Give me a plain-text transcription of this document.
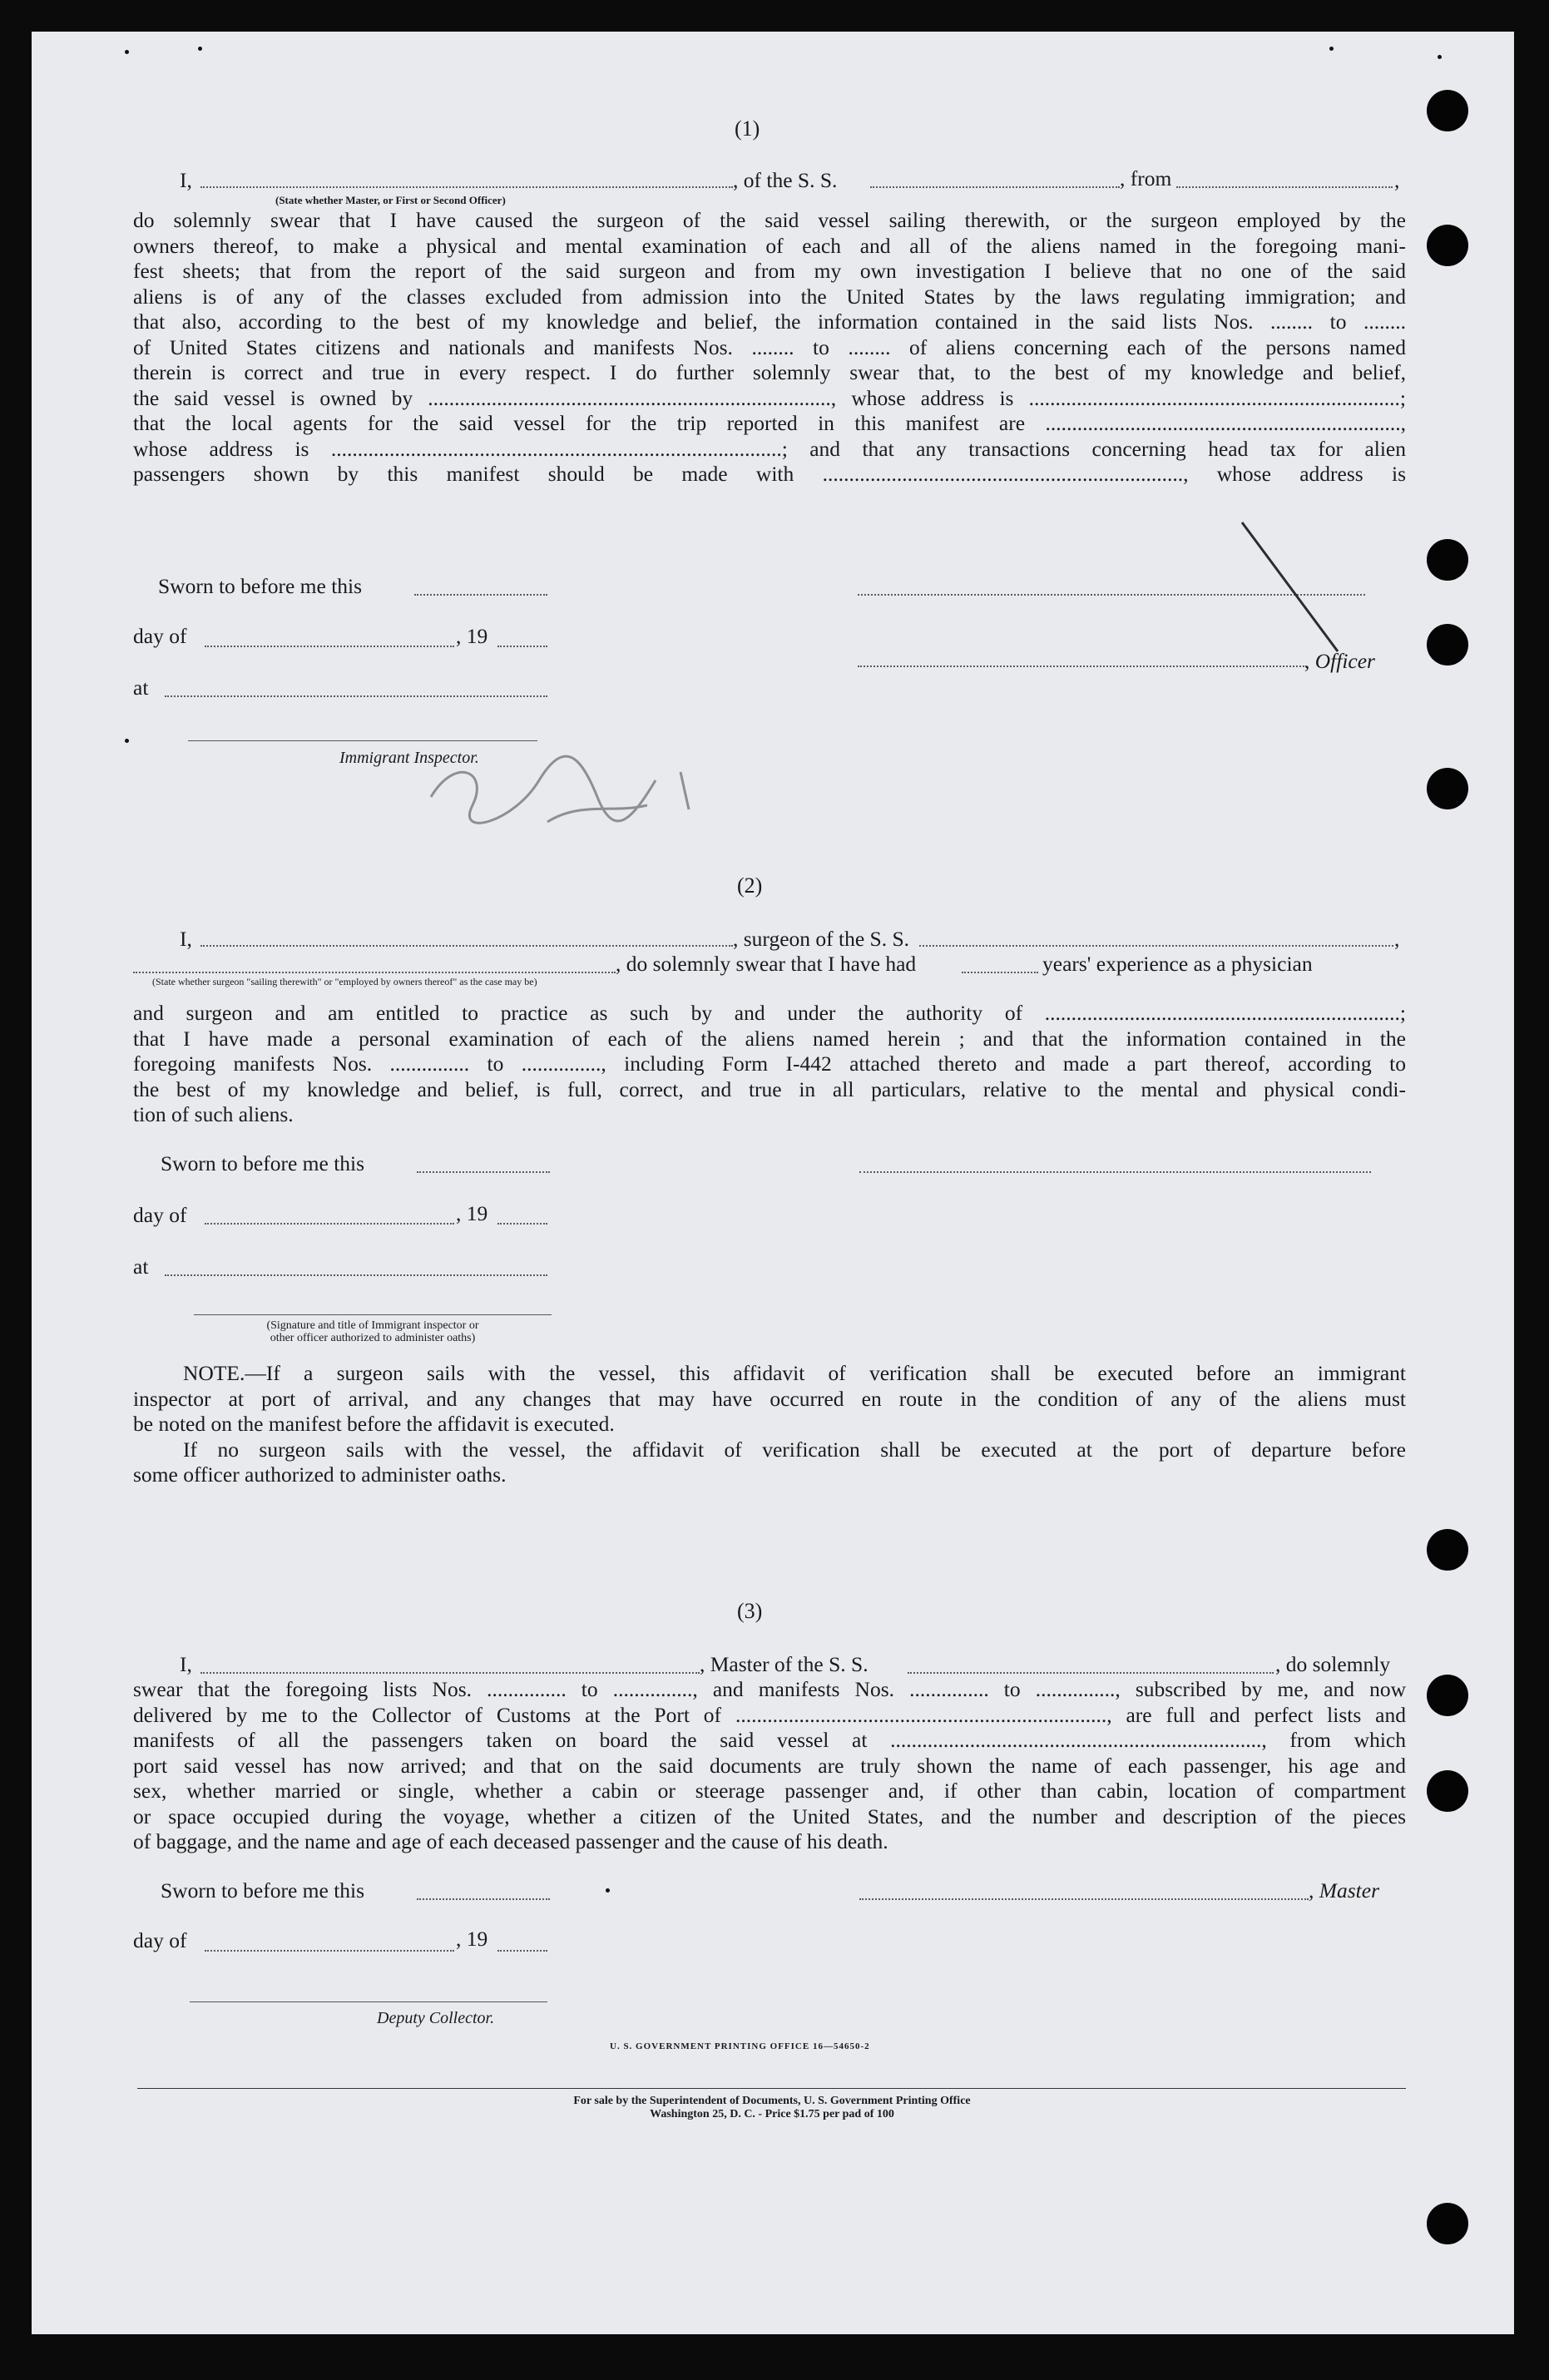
(1)
I,	, of the S. S.	, from	,
(State whether Master, or First or Second Officer)
do solemnly swear that I have caused the surgeon of the said vessel sailing therewith, or the surgeon employed by the
owners thereof, to make a physical and mental examination of each and all of the aliens named in the foregoing mani-
fest sheets; that from the report of the said surgeon and from my own investigation I believe that no one of the said
aliens is of any of the classes excluded from admission into the United States by the laws regulating immigration; and
that also, according to the best of my knowledge and belief, the information contained in the said lists Nos. ........ to ........
of United States citizens and nationals and manifests Nos. ........ to ........ of aliens concerning each of the persons named
therein is correct and true in every respect. I do further solemnly swear that, to the best of my knowledge and belief,
the said vessel is owned by ............................................................................, whose address is ......................................................................;
that the local agents for the said vessel for the trip reported in this manifest are ...................................................................,
whose address is .....................................................................................; and that any transactions concerning head tax for alien
passengers shown by this manifest should be made with ...................................................................., whose address is
Sworn to before me this
day of	, 19
at
, Officer
Immigrant Inspector.
(2)
I,	, surgeon of the S. S.	,
, do solemnly swear that I have had	years' experience as a physician
(State whether surgeon "sailing therewith" or "employed by owners thereof" as the case may be)
and surgeon and am entitled to practice as such by and under the authority of ...................................................................;
that I have made a personal examination of each of the aliens named herein ; and that the information contained in the
foregoing manifests Nos. ............... to ..............., including Form I-442 attached thereto and made a part thereof, according to
the best of my knowledge and belief, is full, correct, and true in all particulars, relative to the mental and physical condi-
tion of such aliens.
Sworn to before me this
day of	, 19
at
(Signature and title of Immigrant inspector or
other officer authorized to administer oaths)
NOTE.—If a surgeon sails with the vessel, this affidavit of verification shall be executed before an immigrant
inspector at port of arrival, and any changes that may have occurred en route in the condition of any of the aliens must
be noted on the manifest before the affidavit is executed.
If no surgeon sails with the vessel, the affidavit of verification shall be executed at the port of departure before
some officer authorized to administer oaths.
(3)
I,	, Master of the S. S.	, do solemnly
swear that the foregoing lists Nos. ............... to ..............., and manifests Nos. ............... to ..............., subscribed by me, and now
delivered by me to the Collector of Customs at the Port of ......................................................................, are full and perfect lists and
manifests of all the passengers taken on board the said vessel at ......................................................................, from which
port said vessel has now arrived; and that on the said documents are truly shown the name of each passenger, his age and
sex, whether married or single, whether a cabin or steerage passenger and, if other than cabin, location of compartment
or space occupied during the voyage, whether a citizen of the United States, and the number and description of the pieces
of baggage, and the name and age of each deceased passenger and the cause of his death.
Sworn to before me this	, Master
day of	, 19
Deputy Collector.
U. S. GOVERNMENT PRINTING OFFICE 16—54650-2
For sale by the Superintendent of Documents, U. S. Government Printing Office
Washington 25, D. C. - Price $1.75 per pad of 100
